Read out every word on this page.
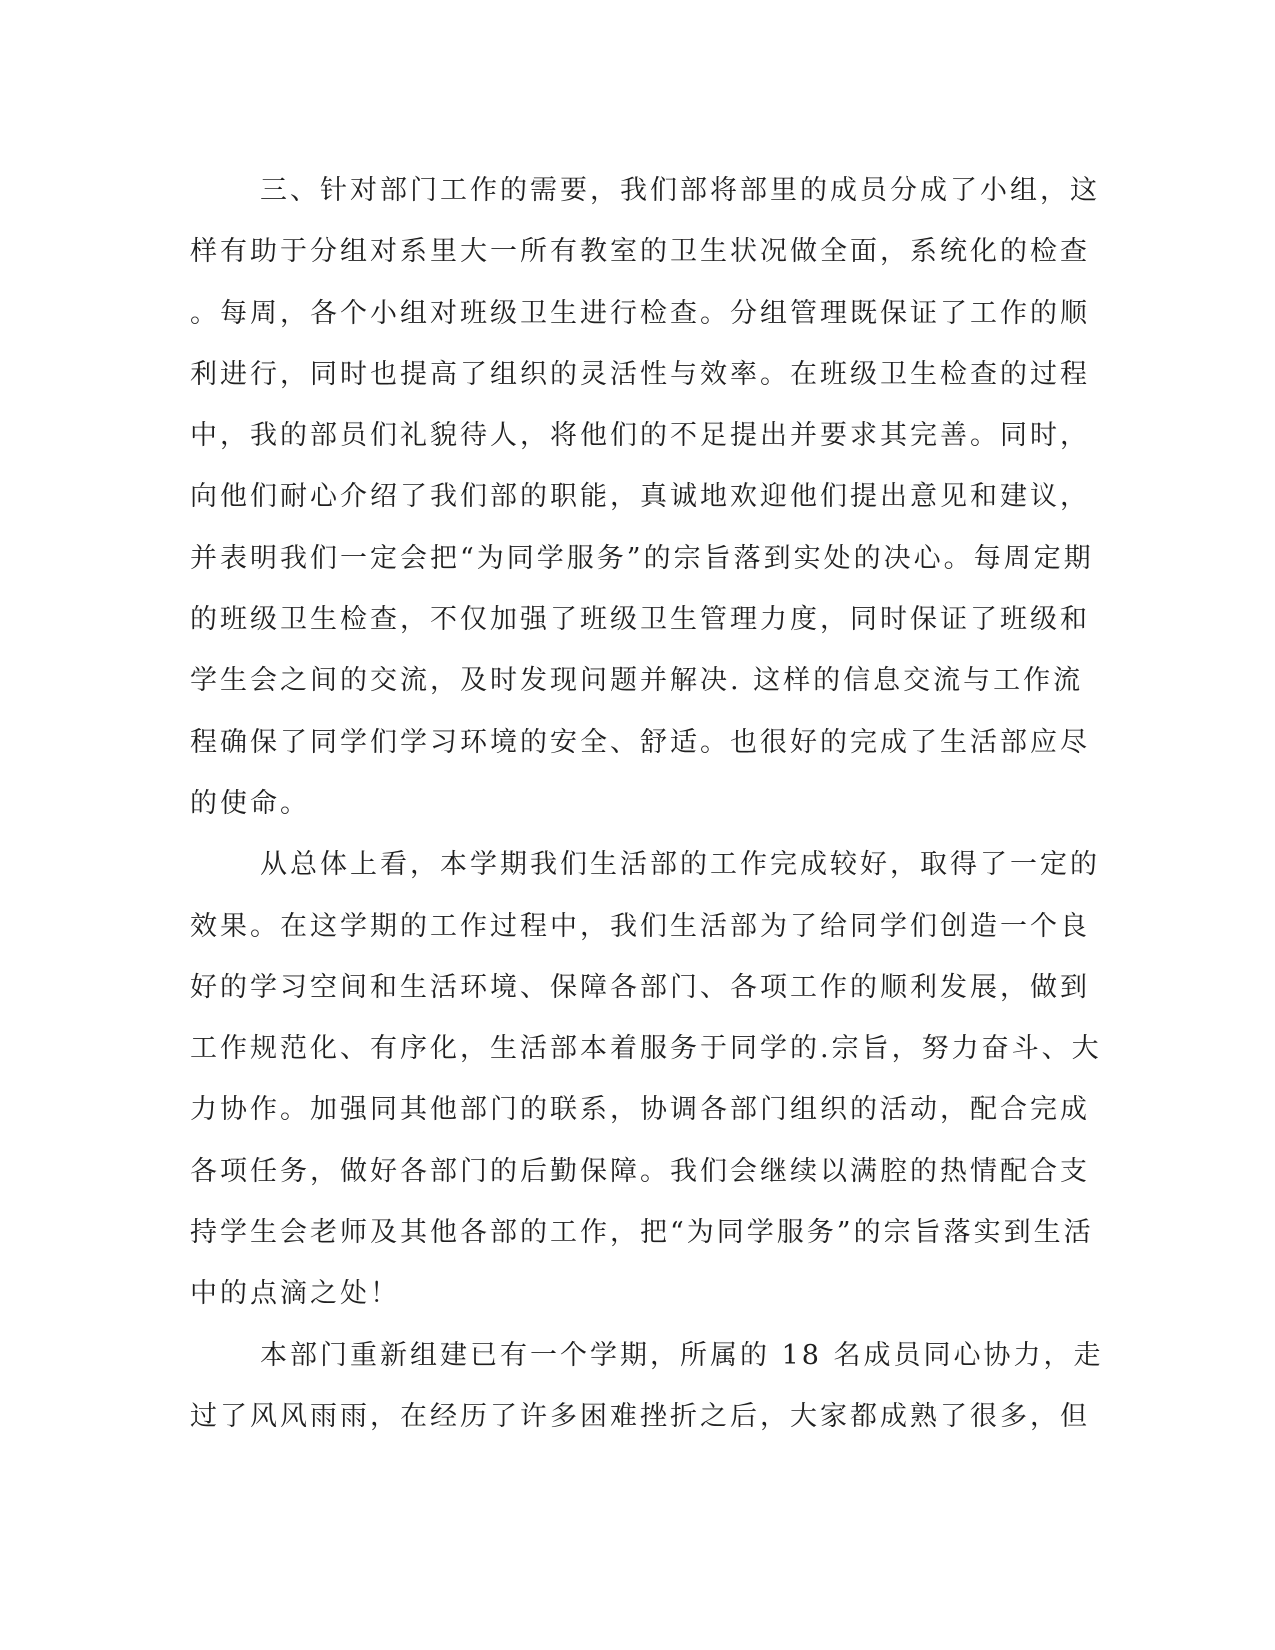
三、针对部门工作的需要，我们部将部里的成员分成了小组，这
样有助于分组对系里大一所有教室的卫生状况做全面，系统化的检查
。每周，各个小组对班级卫生进行检查。分组管理既保证了工作的顺
利进行，同时也提高了组织的灵活性与效率。在班级卫生检查的过程
中，我的部员们礼貌待人，将他们的不足提出并要求其完善。同时，
向他们耐心介绍了我们部的职能，真诚地欢迎他们提出意见和建议，
并表明我们一定会把“为同学服务”的宗旨落到实处的决心。每周定期
的班级卫生检查，不仅加强了班级卫生管理力度，同时保证了班级和
学生会之间的交流，及时发现问题并解决. 这样的信息交流与工作流
程确保了同学们学习环境的安全、舒适。也很好的完成了生活部应尽
的使命。
从总体上看，本学期我们生活部的工作完成较好，取得了一定的
效果。在这学期的工作过程中，我们生活部为了给同学们创造一个良
好的学习空间和生活环境、保障各部门、各项工作的顺利发展，做到
工作规范化、有序化，生活部本着服务于同学的.宗旨，努力奋斗、大
力协作。加强同其他部门的联系，协调各部门组织的活动，配合完成
各项任务，做好各部门的后勤保障。我们会继续以满腔的热情配合支
持学生会老师及其他各部的工作，把“为同学服务”的宗旨落实到生活
中的点滴之处！
本部门重新组建已有一个学期，所属的 18 名成员同心协力，走
过了风风雨雨，在经历了许多困难挫折之后，大家都成熟了很多，但
